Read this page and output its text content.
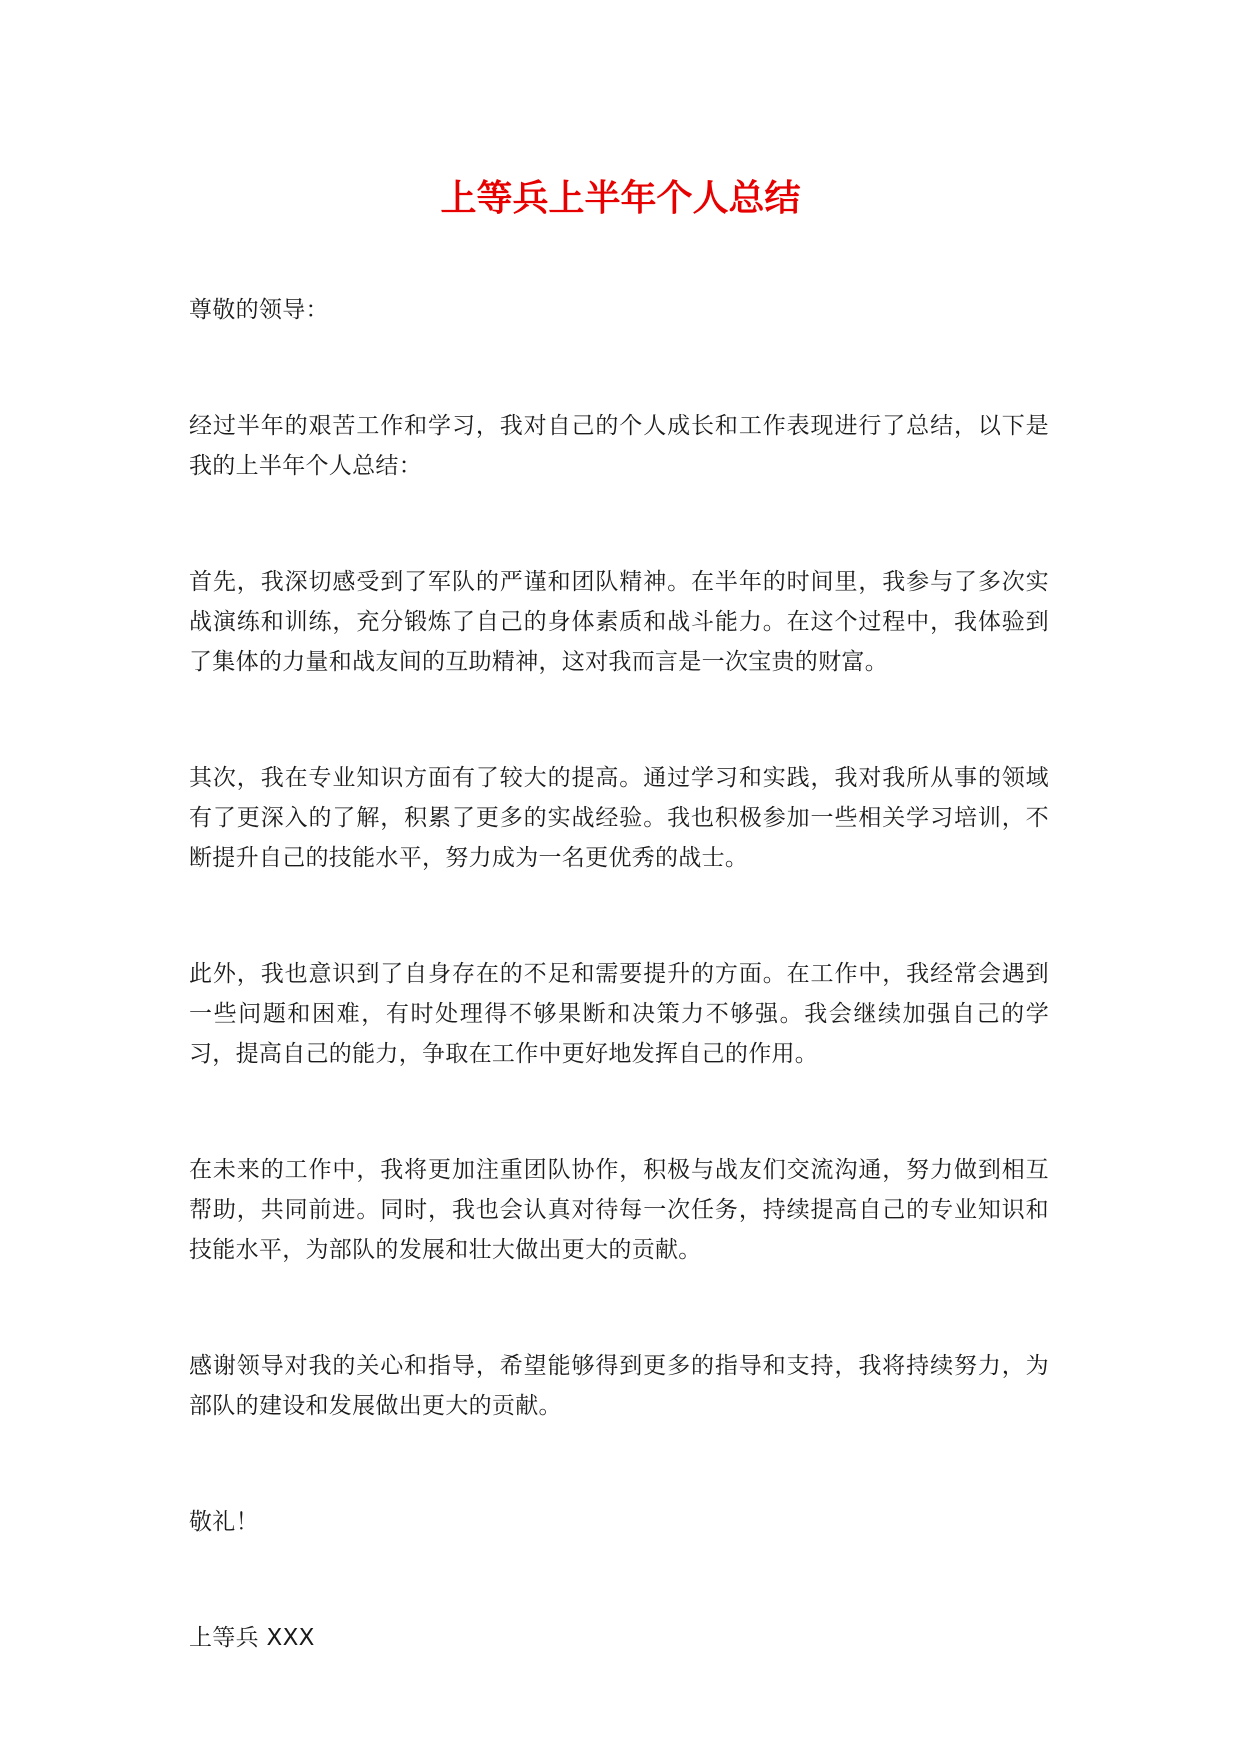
上等兵上半年个人总结

尊敬的领导：

经过半年的艰苦工作和学习，我对自己的个人成长和工作表现进行了总结，以下是我的上半年个人总结：

首先，我深切感受到了军队的严谨和团队精神。在半年的时间里，我参与了多次实战演练和训练，充分锻炼了自己的身体素质和战斗能力。在这个过程中，我体验到了集体的力量和战友间的互助精神，这对我而言是一次宝贵的财富。

其次，我在专业知识方面有了较大的提高。通过学习和实践，我对我所从事的领域有了更深入的了解，积累了更多的实战经验。我也积极参加一些相关学习培训，不断提升自己的技能水平，努力成为一名更优秀的战士。

此外，我也意识到了自身存在的不足和需要提升的方面。在工作中，我经常会遇到一些问题和困难，有时处理得不够果断和决策力不够强。我会继续加强自己的学习，提高自己的能力，争取在工作中更好地发挥自己的作用。

在未来的工作中，我将更加注重团队协作，积极与战友们交流沟通，努力做到相互帮助，共同前进。同时，我也会认真对待每一次任务，持续提高自己的专业知识和技能水平，为部队的发展和壮大做出更大的贡献。

感谢领导对我的关心和指导，希望能够得到更多的指导和支持，我将持续努力，为部队的建设和发展做出更大的贡献。

敬礼！

上等兵 XXX
